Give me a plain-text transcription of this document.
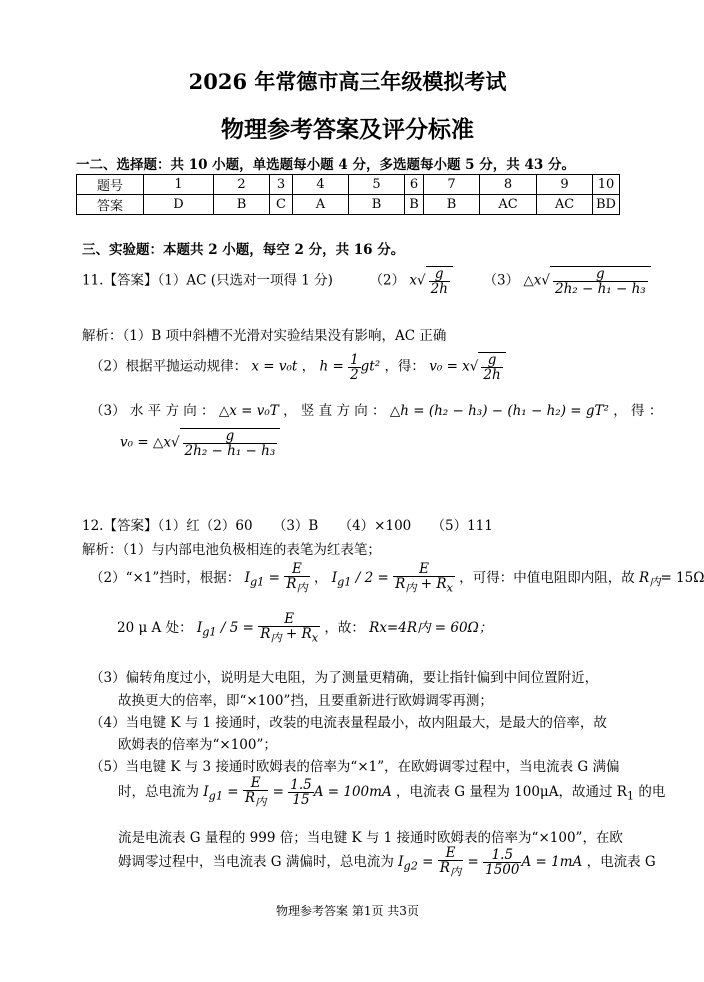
2026 年常德市高三年级模拟考试
物理参考答案及评分标准
一二、选择题：共 10 小题，单选题每小题 4 分，多选题每小题 5 分，共 43 分。
题号	1	2	3	4	5	6	7	8	9	10
答案	D	B	C	A	B	B	B	AC	AC	BD
三、实验题：本题共 2 小题，每空 2 分，共 16 分。
11.【答案】（1）AC (只选对一项得 1 分)	（2） $x√ \frac{g}{2h} (3)$ △x√ $\frac{g}{\text{2h₂ − h₁ − h₃}}$
解析：（1）B 项中斜槽不光滑对实验结果没有影响，AC 正确
（2）根据平抛运动规律： x = v₀t ， $h = \frac{1}{2} gt^2$ ，得： $v_0 = x√ \frac{g}{2h}$
（3） 水 平 方 向 ： △x = v₀T ， 竖 直 方 向 ： △h = (h₂ − h₃) − (h₁ − h₂) = gT² ， 得 ：
v₀ = △x√ $\frac{g}{\text{2h₂ − h₁ − h₃}}$
12.【答案】（1）红（2）60　　（3）B　　（4）×100　　（5）111
解析：（1）与内部电池负极相连的表笔为红表笔；
（2）“×1”挡时，根据： $I_{g1} = \frac{E}{R_内}$ ， $I_{g1} / 2 = \frac{E}{R_内 + R_x}$ ，可得：中值电阻即内阻，故 $R_内= 15\Omega$
20 μ A 处： $I_{g1} / 5 = \frac{E}{R_内 + R_x}$ ，故： Rx=4R内 = 60Ω；
（3）偏转角度过小，说明是大电阻，为了测量更精确，要让指针偏到中间位置附近，
故换更大的倍率，即“×100”挡，且要重新进行欧姆调零再测；
（4）当电键 K 与 1 接通时，改装的电流表量程最小，故内阻最大，是最大的倍率，故
欧姆表的倍率为“×100”；
（5）当电键 K 与 3 接通时欧姆表的倍率为“×1”，在欧姆调零过程中，当电流表 G 满偏
时，总电流为 $I_{g1} = \frac{E}{R_内} = \frac{1.5}{15}$ A = 100mA ，电流表 G 量程为 100μA，故通过 $R_1$ 的电
流是电流表 G 量程的 999 倍；当电键 K 与 1 接通时欧姆表的倍率为“×100”，在欧
姆调零过程中，当电流表 G 满偏时，总电流为 $I_{g2} = \frac{E}{R_内} = \frac{1.5}{1500}$ A = 1mA ，电流表 G
物理参考答案 第1页 共3页
